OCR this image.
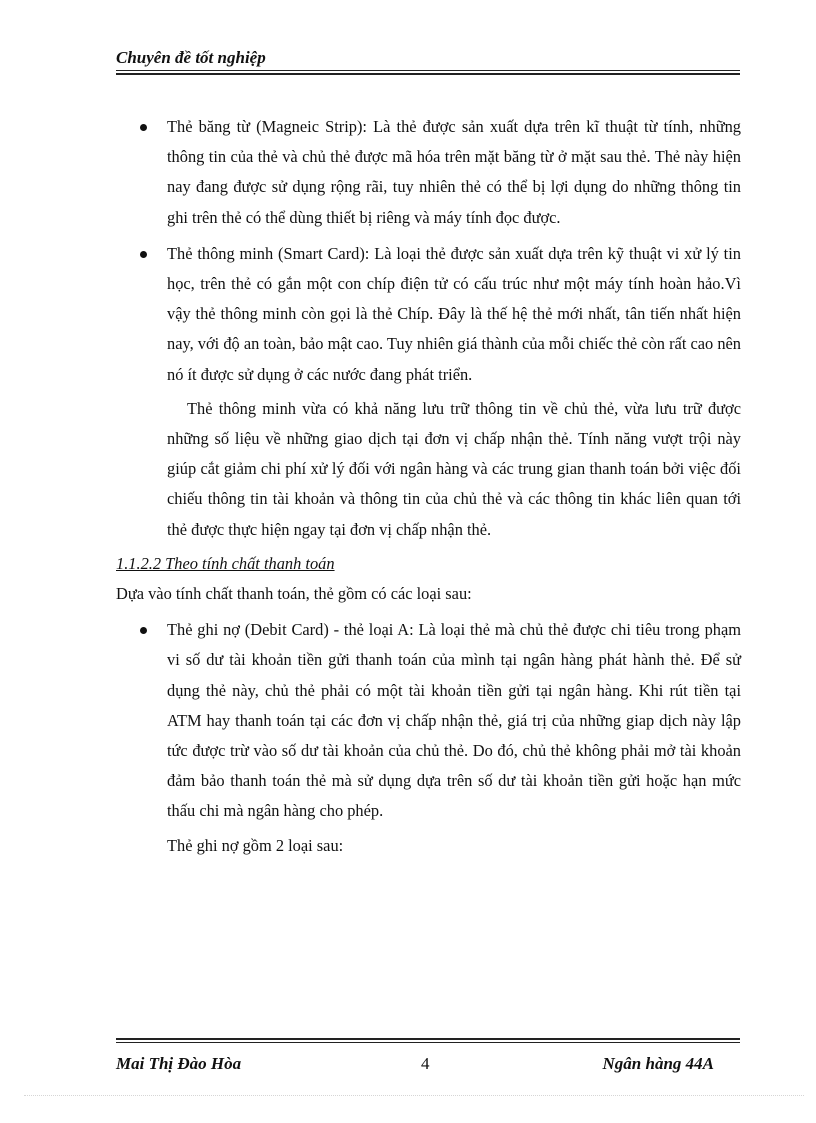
Chuyên đề tốt nghiệp
Thẻ băng từ (Magneic Strip): Là thẻ được sản xuất dựa trên kĩ thuật từ tính, những thông tin của thẻ và chủ thẻ được mã hóa trên mặt băng từ ở mặt sau thẻ. Thẻ này hiện nay đang được sử dụng rộng rãi, tuy nhiên thẻ có thể bị lợi dụng do những thông tin ghi trên thẻ có thể dùng thiết bị riêng và máy tính đọc được.
Thẻ thông minh (Smart Card): Là loại thẻ được sản xuất dựa trên kỹ thuật vi xử lý tin học, trên thẻ có gắn một con chíp điện tử có cấu trúc như một máy tính hoàn hảo.Vì vậy thẻ thông minh còn gọi là thẻ Chíp. Đây là thế hệ thẻ mới nhất, tân tiến nhất hiện nay, với độ an toàn, bảo mật cao. Tuy nhiên giá thành của mỗi chiếc thẻ còn rất cao nên nó ít được sử dụng ở các nước đang phát triển.
Thẻ thông minh vừa có khả năng lưu trữ thông tin về chủ thẻ, vừa lưu trữ được những số liệu về những giao dịch tại đơn vị chấp nhận thẻ. Tính năng vượt trội này giúp cắt giảm chi phí xử lý đối với ngân hàng và các trung gian thanh toán bởi việc đối chiếu thông tin tài khoản và thông tin của chủ thẻ và các thông tin khác liên quan tới thẻ được thực hiện ngay tại đơn vị chấp nhận thẻ.
1.1.2.2 Theo tính chất thanh toán
Dựa vào tính chất thanh toán, thẻ gồm có các loại sau:
Thẻ ghi nợ (Debit Card) - thẻ loại A: Là loại thẻ mà chủ thẻ được chi tiêu trong phạm vi số dư tài khoản tiền gửi thanh toán của mình tại ngân hàng phát hành thẻ. Để sử dụng thẻ này, chủ thẻ phải có một tài khoản tiền gửi tại ngân hàng. Khi rút tiền tại ATM hay thanh toán tại các đơn vị chấp nhận thẻ, giá trị của những giap dịch này lập tức được trừ vào số dư tài khoản của chủ thẻ. Do đó, chủ thẻ không phải mở tài khoản đảm bảo thanh toán thẻ mà sử dụng dựa trên số dư tài khoản tiền gửi hoặc hạn mức thấu chi mà ngân hàng cho phép.
Thẻ ghi nợ gồm 2 loại sau:
Mai Thị Đào Hòa	4	Ngân hàng 44A
